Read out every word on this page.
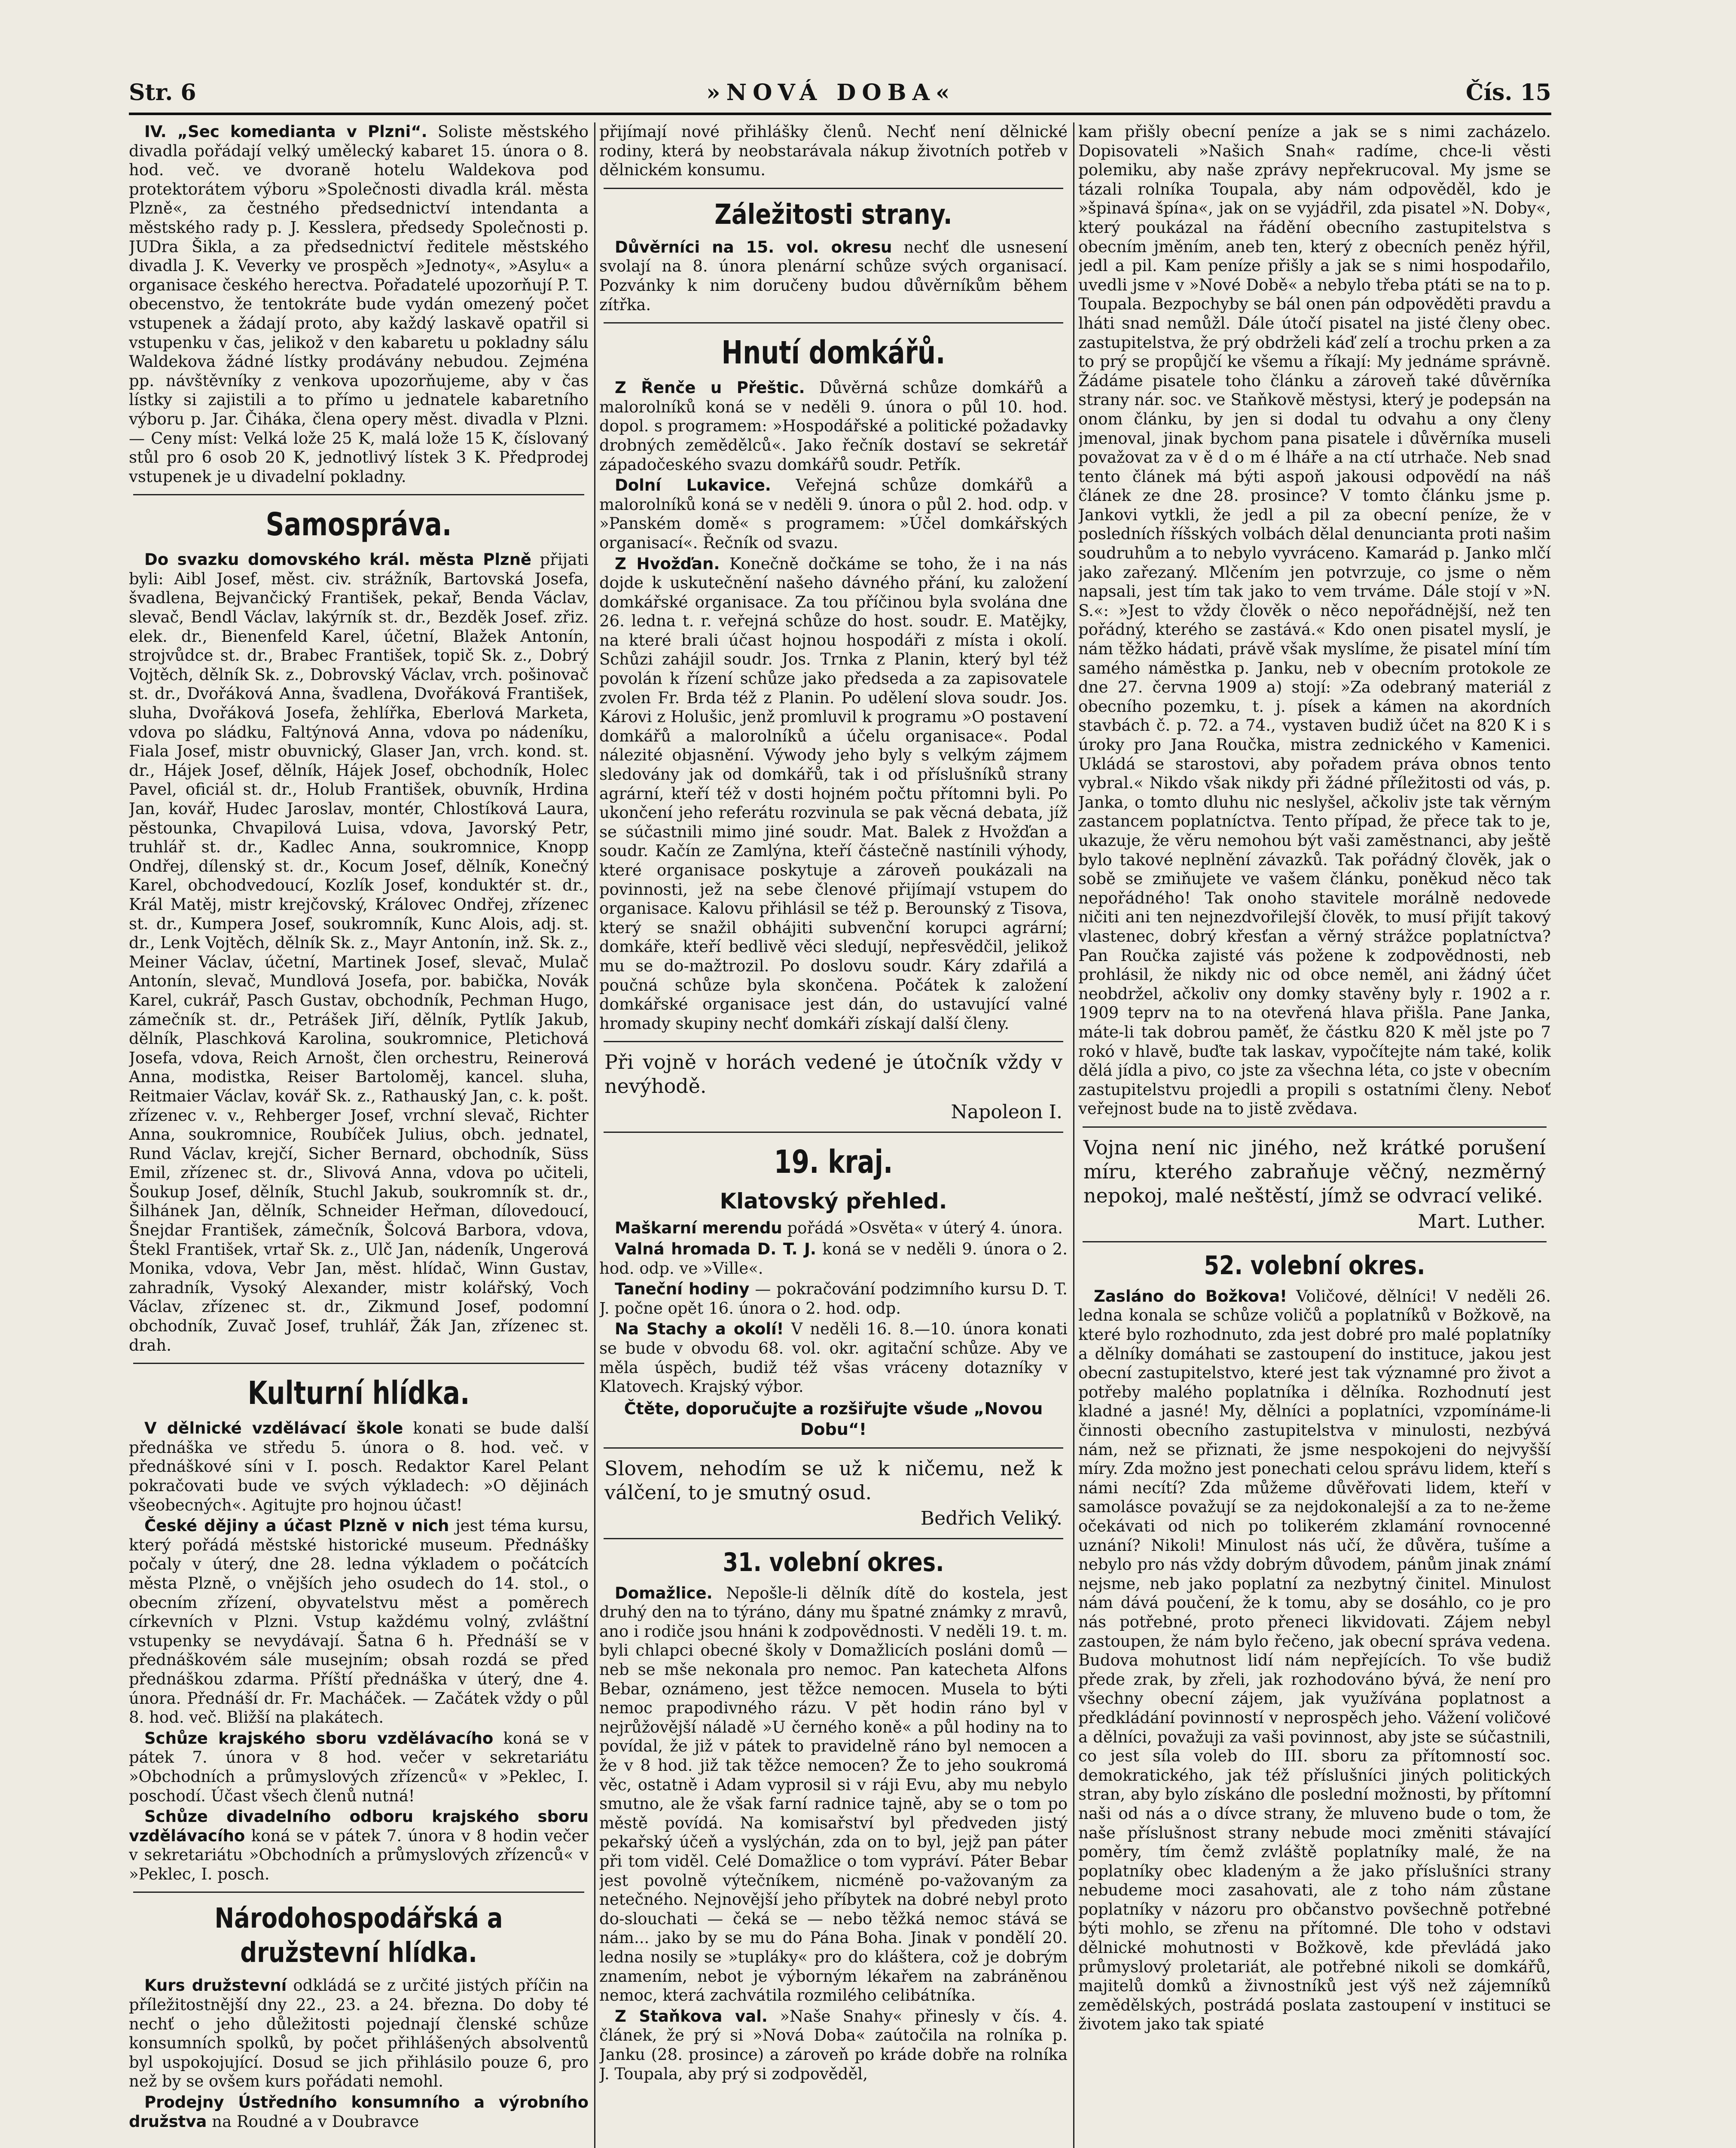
Str. 6	»NOVÁ DOBA«	Čís. 15

IV. „Sec komedianta v Plzni“. Soliste městského divadla pořádají velký umělecký kabaret 15. února o 8. hod. več. ve dvoraně hotelu Waldekova pod protektorátem výboru »Společnosti divadla král. města Plzně«, za čestného předsednictví intendanta a městského rady p. J. Kesslera, předsedy Společnosti p. JUDra Šikla, a za předsednictví ředitele městského divadla J. K. Veverky ve prospěch »Jednoty«, »Asylu« a organisace českého herectva. Pořadatelé upozorňují P. T. obecenstvo, že tentokráte bude vydán omezený počet vstupenek a žádají proto, aby každý laskavě opatřil si vstupenku v čas, jelikož v den kabaretu u pokladny sálu Waldekova žádné lístky prodávány nebudou. Zejména pp. návštěvníky z venkova upozorňujeme, aby v čas lístky si zajistili a to přímo u jednatele kabaretního výboru p. Jar. Čiháka, člena opery měst. divadla v Plzni. — Ceny míst: Velká lože 25 K, malá lože 15 K, číslovaný stůl pro 6 osob 20 K, jednotlivý lístek 3 K. Předprodej vstupenek je u divadelní pokladny.

Samospráva.

Do svazku domovského král. města Plzně přijati byli: Aibl Josef, měst. civ. strážník, Bartovská Josefa, švadlena, Bejvančický František, pekař, Benda Václav, slevač, Bendl Václav, lakýrník st. dr., Bezděk Josef. zřiz. elek. dr., Bienenfeld Karel, účetní, Blažek Antonín, strojvůdce st. dr., Brabec František, topič Sk. z., Dobrý Vojtěch, dělník Sk. z., Dobrovský Václav, vrch. pošinovač st. dr., Dvořáková Anna, švadlena, Dvořáková František, sluha, Dvořáková Josefa, žehlířka, Eberlová Marketa, vdova po sládku, Faltýnová Anna, vdova po nádeníku, Fiala Josef, mistr obuvnický, Glaser Jan, vrch. kond. st. dr., Hájek Josef, dělník, Hájek Josef, obchodník, Holec Pavel, oficiál st. dr., Holub František, obuvník, Hrdina Jan, kovář, Hudec Jaroslav, montér, Chlostíková Laura, pěstounka, Chvapilová Luisa, vdova, Javorský Petr, truhlář st. dr., Kadlec Anna, soukromnice, Knopp Ondřej, dílenský st. dr., Kocum Josef, dělník, Konečný Karel, obchodvedoucí, Kozlík Josef, konduktér st. dr., Král Matěj, mistr krejčovský, Královec Ondřej, zřízenec st. dr., Kumpera Josef, soukromník, Kunc Alois, adj. st. dr., Lenk Vojtěch, dělník Sk. z., Mayr Antonín, inž. Sk. z., Meiner Václav, účetní, Martinek Josef, slevač, Mulač Antonín, slevač, Mundlová Josefa, por. babička, Novák Karel, cukrář, Pasch Gustav, obchodník, Pechman Hugo, zámečník st. dr., Petrášek Jiří, dělník, Pytlík Jakub, dělník, Plaschková Karolina, soukromnice, Pletichová Josefa, vdova, Reich Arnošt, člen orchestru, Reinerová Anna, modistka, Reiser Bartoloměj, kancel. sluha, Reitmaier Václav, kovář Sk. z., Rathauský Jan, c. k. pošt. zřízenec v. v., Rehberger Josef, vrchní slevač, Richter Anna, soukromnice, Roubíček Julius, obch. jednatel, Rund Václav, krejčí, Sicher Bernard, obchodník, Süss Emil, zřízenec st. dr., Slivová Anna, vdova po učiteli, Šoukup Josef, dělník, Stuchl Jakub, soukromník st. dr., Šilhánek Jan, dělník, Schneider Heřman, dílovedoucí, Šnejdar František, zámečník, Šolcová Barbora, vdova, Štekl František, vrtař Sk. z., Ulč Jan, nádeník, Ungerová Monika, vdova, Vebr Jan, měst. hlídač, Winn Gustav, zahradník, Vysoký Alexander, mistr kolářský, Voch Václav, zřízenec st. dr., Zikmund Josef, podomní obchodník, Zuvač Josef, truhlář, Žák Jan, zřízenec st. drah.

Kulturní hlídka.

V dělnické vzdělávací škole konati se bude další přednáška ve středu 5. února o 8. hod. več. v přednáškové síni v I. posch. Redaktor Karel Pelant pokračovati bude ve svých výkladech: »O dějinách všeobecných«. Agitujte pro hojnou účast!

České dějiny a účast Plzně v nich jest téma kursu, který pořádá městské historické museum. Přednášky počaly v úterý, dne 28. ledna výkladem o počátcích města Plzně, o vnějších jeho osudech do 14. stol., o obecním zřízení, obyvatelstvu měst a poměrech církevních v Plzni. Vstup každému volný, zvláštní vstupenky se nevydávají. Šatna 6 h. Přednáší se v přednáškovém sále musejním; obsah rozdá se před přednáškou zdarma. Příští přednáška v úterý, dne 4. února. Přednáší dr. Fr. Macháček. — Začátek vždy o půl 8. hod. več. Bližší na plakátech.

Schůze krajského sboru vzdělávacího koná se v pátek 7. února v 8 hod. večer v sekretariátu »Obchodních a průmyslových zřízenců« v »Peklec, I. poschodí. Účast všech členů nutná!

Schůze divadelního odboru krajského sboru vzdělávacího koná se v pátek 7. února v 8 hodin večer v sekretariátu »Obchodních a průmyslových zřízenců« v »Peklec, I. posch.

Národohospodářská a družstevní hlídka.

Kurs družstevní odkládá se z určité jistých příčin na příležitostnější dny 22., 23. a 24. března. Do doby té nechť o jeho důležitosti pojednají členské schůze konsumních spolků, by počet přihlášených absolventů byl uspokojující. Dosud se jich přihlásilo pouze 6, pro než by se ovšem kurs pořádati nemohl.

Prodejny Ústředního konsumního a výrobního družstva na Roudné a v Doubravce

přijímají nové přihlášky členů. Nechť není dělnické rodiny, která by neobstarávala nákup životních potřeb v dělnickém konsumu.

Záležitosti strany.

Důvěrníci na 15. vol. okresu nechť dle usnesení svolají na 8. února plenární schůze svých organisací. Pozvánky k nim doručeny budou důvěrníkům během zítřka.

Hnutí domkářů.

Z Řenče u Přeštic. Důvěrná schůze domkářů a malorolníků koná se v neděli 9. února o půl 10. hod. dopol. s programem: »Hospodářské a politické požadavky drobných zemědělců«. Jako řečník dostaví se sekretář západočeského svazu domkářů soudr. Petřík.

Dolní Lukavice. Veřejná schůze domkářů a malorolníků koná se v neděli 9. února o půl 2. hod. odp. v »Panském domě« s programem: »Účel domkářských organisací«. Řečník od svazu.

Z Hvožďan. Konečně dočkáme se toho, že i na nás dojde k uskutečnění našeho dávného přání, ku založení domkářské organisace. Za tou příčinou byla svolána dne 26. ledna t. r. veřejná schůze do host. soudr. E. Matějky, na které brali účast hojnou hospodáři z místa i okolí. Schůzi zahájil soudr. Jos. Trnka z Planin, který byl též povolán k řízení schůze jako předseda a za zapisovatele zvolen Fr. Brda též z Planin. Po udělení slova soudr. Jos. Károvi z Holušic, jenž promluvil k programu »O postavení domkářů a malorolníků a účelu organisace«. Podal nálezité objasnění. Výwody jeho byly s velkým zájmem sledovány jak od domkářů, tak i od příslušníků strany agrární, kteří též v dosti hojném počtu přítomni byli. Po ukončení jeho referátu rozvinula se pak věcná debata, jíž se súčastnili mimo jiné soudr. Mat. Balek z Hvožďan a soudr. Kačín ze Zamlýna, kteří částečně nastínili výhody, které organisace poskytuje a zároveň poukázali na povinnosti, jež na sebe členové přijímají vstupem do organisace. Kalovu přihlásil se též p. Berounský z Tisova, který se snažil obhájiti subvenční korupci agrární; domkáře, kteří bedlivě věci sledují, nepřesvědčil, jelikož mu se do-mažtrozil. Po doslovu soudr. Káry zdařilá a poučná schůze byla skončena. Počátek k založení domkářské organisace jest dán, do ustavující valné hromady skupiny nechť domkáři získají další členy.

Při vojně v horách vedené je útočník vždy v nevýhodě.
Napoleon I.
19. kraj.
Klatovský přehled.

Maškarní merendu pořádá »Osvěta« v úterý 4. února.

Valná hromada D. T. J. koná se v neděli 9. února o 2. hod. odp. ve »Ville«.

Taneční hodiny — pokračování podzimního kursu D. T. J. počne opět 16. února o 2. hod. odp.

Na Stachy a okolí! V neděli 16. 8.—10. února konati se bude v obvodu 68. vol. okr. agitační schůze. Aby ve měla úspěch, budiž též všas vráceny dotazníky v Klatovech. Krajský výbor.

Čtěte, doporučujte a rozšiřujte všude „Novou Dobu“!
Slovem, nehodím se už k ničemu, než k válčení, to je smutný osud.
Bedřich Veliký.
31. volební okres.

Domažlice. Nepošle-li dělník dítě do kostela, jest druhý den na to týráno, dány mu špatné známky z mravů, ano i rodiče jsou hnáni k zodpovědnosti. V neděli 19. t. m. byli chlapci obecné školy v Domažlicích posláni domů — neb se mše nekonala pro nemoc. Pan katecheta Alfons Bebar, oznámeno, jest těžce nemocen. Musela to býti nemoc prapodivného rázu. V pět hodin ráno byl v nejrůžovější náladě »U černého koně« a půl hodiny na to povídal, že již v pátek to pravidelně ráno byl nemocen a že v 8 hod. již tak těžce nemocen? Že to jeho soukromá věc, ostatně i Adam vyprosil si v ráji Evu, aby mu nebylo smutno, ale že však farní radnice tajně, aby se o tom po městě povídá. Na komisařství byl předveden jistý pekařský účeň a vyslýchán, zda on to byl, jejž pan páter při tom viděl. Celé Domažlice o tom vypráví. Páter Bebar jest povolně výtečníkem, nicméně po-važovaným za netečného. Nejnovější jeho příbytek na dobré nebyl proto do-slouchati — čeká se — nebo těžká nemoc stává se nám... jako by se mu do Pána Boha. Jinak v pondělí 20. ledna nosily se »tupláky« pro do kláštera, což je dobrým znamením, nebot je výborným lékařem na zabráněnou nemoc, která zachvátila rozmilého celibátníka.

Z Staňkova val. »Naše Snahy« přinesly v čís. 4. článek, že prý si »Nová Doba« zaútočila na rolníka p. Janku (28. prosince) a zároveň po kráde dobře na rolníka J. Toupala, aby prý si zodpověděl,

kam přišly obecní peníze a jak se s nimi zacházelo. Dopisovateli »Našich Snah« radíme, chce-li věsti polemiku, aby naše zprávy nepřekrucoval. My jsme se tázali rolníka Toupala, aby nám odpověděl, kdo je »špinavá špína«, jak on se vyjádřil, zda pisatel »N. Doby«, který poukázal na řádění obecního zastupitelstva s obecním jměním, aneb ten, který z obecních peněz hýřil, jedl a pil. Kam peníze přišly a jak se s nimi hospodařilo, uvedli jsme v »Nové Době« a nebylo třeba ptáti se na to p. Toupala. Bezpochyby se bál onen pán odpověděti pravdu a lháti snad nemůžl. Dále útočí pisatel na jisté členy obec. zastupitelstva, že prý obdrželi káď zelí a trochu prken a za to prý se propůjčí ke všemu a říkají: My jednáme správně. Žádáme pisatele toho článku a zároveň také důvěrníka strany nár. soc. ve Staňkově městysi, který je podepsán na onom článku, by jen si dodal tu odvahu a ony členy jmenoval, jinak bychom pana pisatele i důvěrníka museli považovat za v ě d o m é lháře a na ctí utrhače. Neb snad tento článek má býti aspoň jakousi odpovědí na náš článek ze dne 28. prosince? V tomto článku jsme p. Jankovi vytkli, že jedl a pil za obecní peníze, že v posledních říšských volbách dělal denuncianta proti našim soudruhům a to nebylo vyvráceno. Kamarád p. Janko mlčí jako zařezaný. Mlčením jen potvrzuje, co jsme o něm napsali, jest tím tak jako to vem trváme. Dále stojí v »N. S.«: »Jest to vždy člověk o něco nepořádnější, než ten pořádný, kterého se zastává.« Kdo onen pisatel myslí, je nám těžko hádati, právě však myslíme, že pisatel míní tím samého náměstka p. Janku, neb v obecním protokole ze dne 27. června 1909 a) stojí: »Za odebraný materiál z obecního pozemku, t. j. písek a kámen na akordních stavbách č. p. 72. a 74., vystaven budiž účet na 820 K i s úroky pro Jana Roučka, mistra zednického v Kamenici. Ukládá se starostovi, aby pořadem práva obnos tento vybral.« Nikdo však nikdy při žádné příležitosti od vás, p. Janka, o tomto dluhu nic neslyšel, ačkoliv jste tak věrným zastancem poplatníctva. Tento případ, že přece tak to je, ukazuje, že věru nemohou být vaši zaměstnanci, aby ještě bylo takové neplnění závazků. Tak pořádný člověk, jak o sobě se zmiňujete ve vašem článku, poněkud něco tak nepořádného! Tak onoho stavitele morálně nedovede ničiti ani ten nejnezdvořilejší člověk, to musí přijít takový vlastenec, dobrý křesťan a věrný strážce poplatníctva? Pan Roučka zajisté vás požene k zodpovědnosti, neb prohlásil, že nikdy nic od obce neměl, ani žádný účet neobdržel, ačkoliv ony domky stavěny byly r. 1902 a r. 1909 teprv na to na otevřená hlava přišla. Pane Janka, máte-li tak dobrou paměť, že částku 820 K měl jste po 7 rokó v hlavě, buďte tak laskav, vypočítejte nám také, kolik dělá jídla a pivo, co jste za všechna léta, co jste v obecním zastupitelstvu projedli a propili s ostatními členy. Neboť veřejnost bude na to jistě zvědava.

Vojna není nic jiného, než krátké porušení míru, kterého zabraňuje věčný, nezměrný nepokoj, malé neštěstí, jímž se odvrací veliké.
Mart. Luther.
52. volební okres.

Zasláno do Božkova! Voličové, dělníci! V neděli 26. ledna konala se schůze voličů a poplatníků v Božkově, na které bylo rozhodnuto, zda jest dobré pro malé poplatníky a dělníky domáhati se zastoupení do instituce, jakou jest obecní zastupitelstvo, které jest tak významné pro život a potřeby malého poplatníka i dělníka. Rozhodnutí jest kladné a jasné! My, dělníci a poplatníci, vzpomínáme-li činnosti obecního zastupitelstva v minulosti, nezbývá nám, než se přiznati, že jsme nespokojeni do nejvyšší míry. Zda možno jest ponechati celou správu lidem, kteří s námi necítí? Zda můžeme důvěřovati lidem, kteří v samolásce považují se za nejdokonalejší a za to ne-žeme očekávati od nich po tolikerém zklamání rovnocenné uznání? Nikoli! Minulost nás učí, že důvěra, tušíme a nebylo pro nás vždy dobrým důvodem, pánům jinak známí nejsme, neb jako poplatní za nezbytný činitel. Minulost nám dává poučení, že k tomu, aby se dosáhlo, co je pro nás potřebné, proto přeneci likvidovati. Zájem nebyl zastoupen, že nám bylo řečeno, jak obecní správa vedena. Budova mohutnost lidí nám nepřejících. To vše budiž přede zrak, by zřeli, jak rozhodováno bývá, že není pro všechny obecní zájem, jak využívána poplatnost a předkládání povinností v neprospěch jeho. Vážení voličové a dělníci, považuji za vaši povinnost, aby jste se súčastnili, co jest síla voleb do III. sboru za přítomností soc. demokratického, jak též příslušníci jiných politických stran, aby bylo získáno dle poslední možnosti, by přítomní naši od nás a o dívce strany, že mluveno bude o tom, že naše příslušnost strany nebude moci změniti stávající poměry, tím čemž zvláště poplatníky malé, že na poplatníky obec kladeným a že jako příslušníci strany nebudeme moci zasahovati, ale z toho nám zůstane poplatníky v názoru pro občanstvo povšechně potřebné býti mohlo, se zřenu na přítomné. Dle toho v odstavi dělnické mohutnosti v Božkově, kde převládá jako průmyslový proletariát, ale potřebné nikoli se domkářů, majitelů domků a živnostníků jest výš než zájemníků zemědělských, postrádá poslata zastoupení v instituci se životem jako tak spiaté
